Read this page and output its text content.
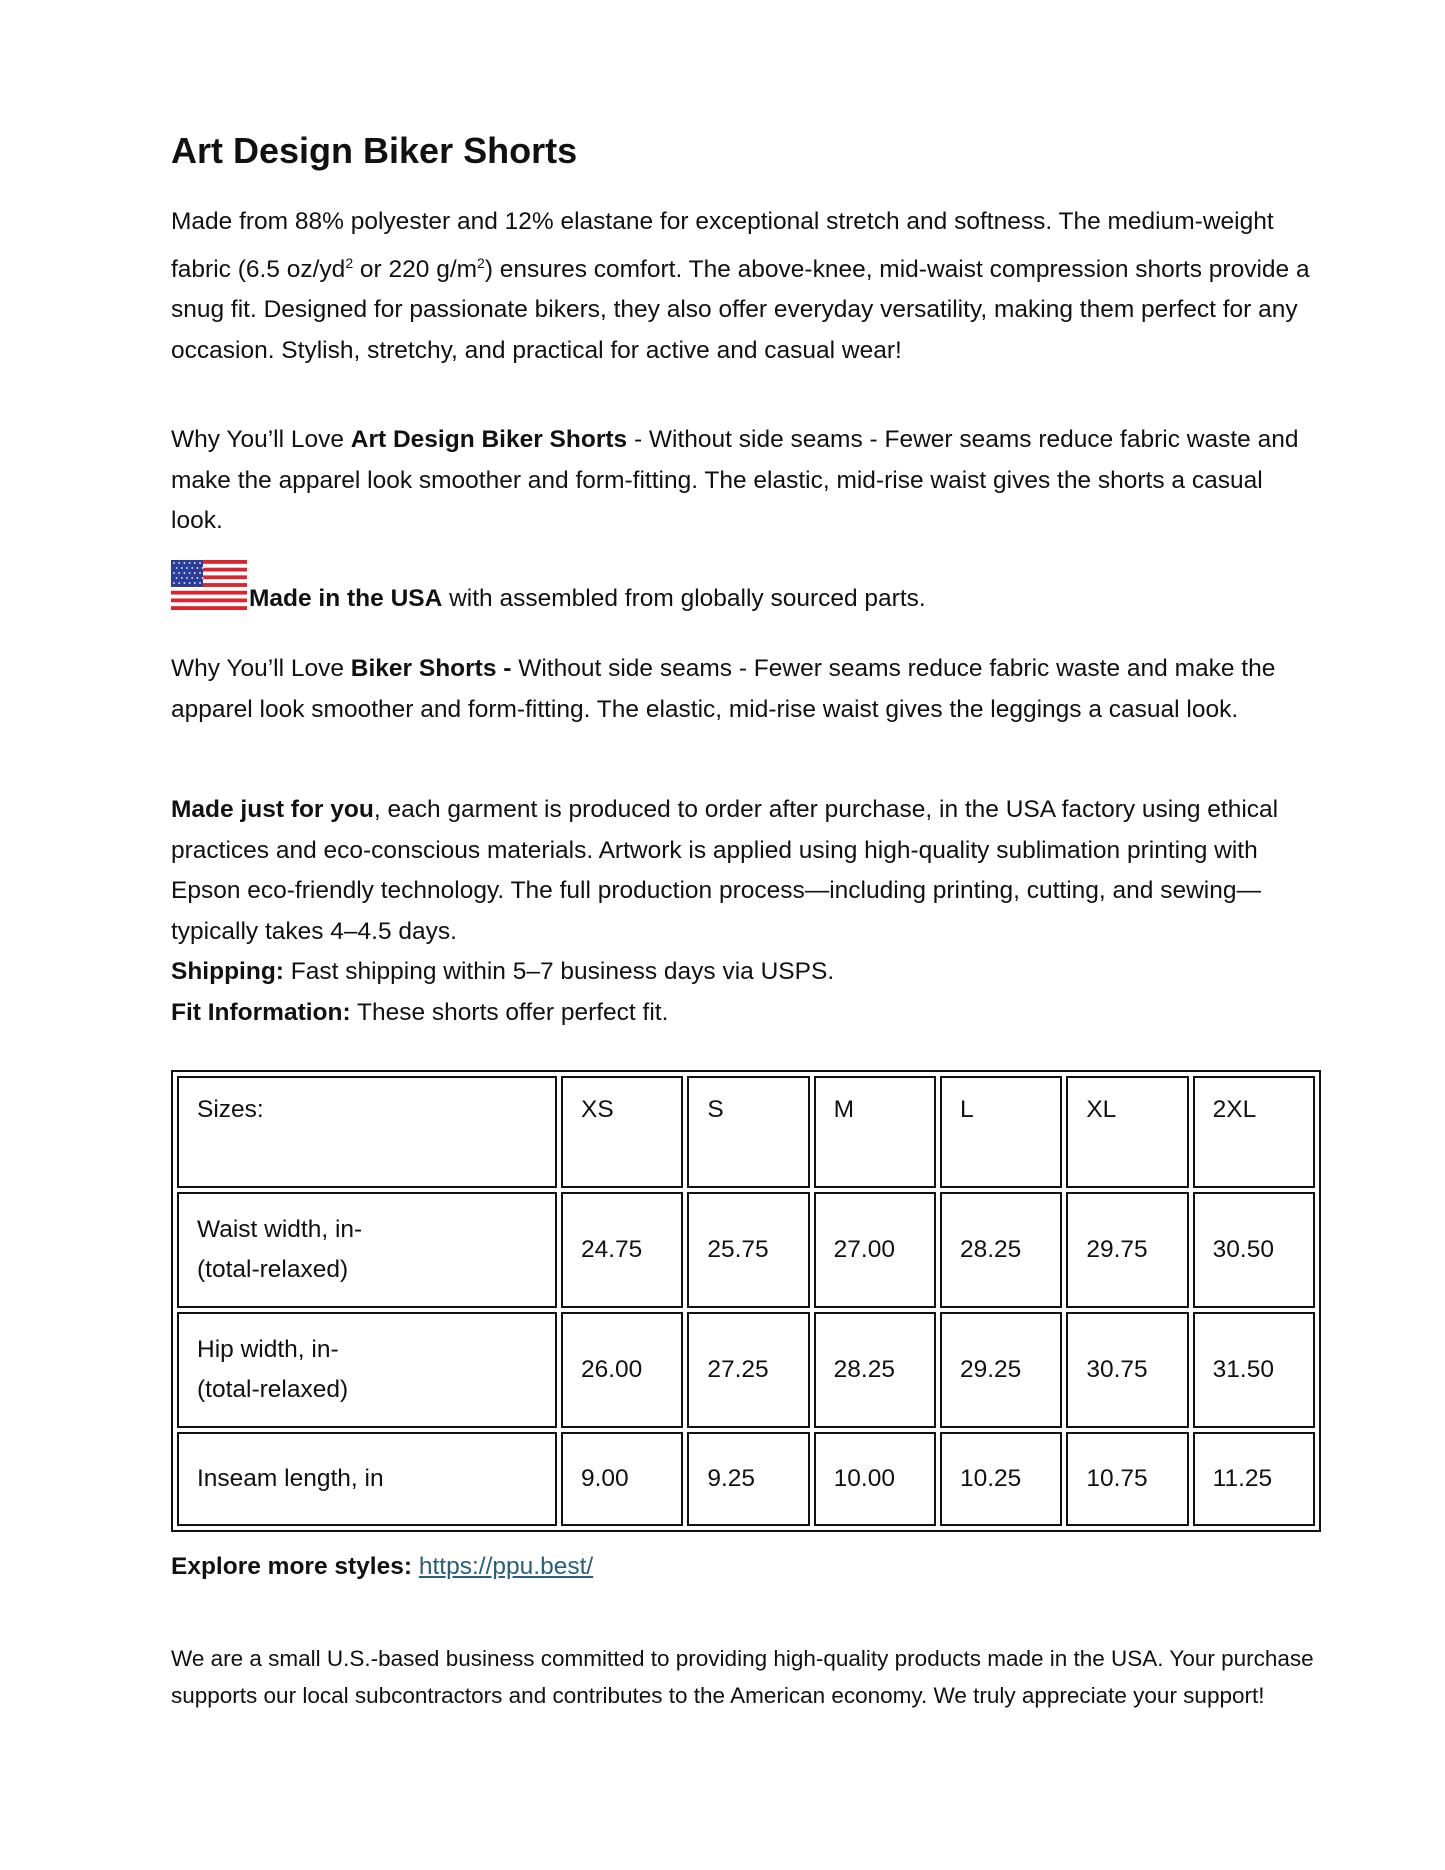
Art Design Biker Shorts

Made from 88% polyester and 12% elastane for exceptional stretch and softness. The medium-weight fabric (6.5 $oz/yd^2$ or 220 $g/m^2$) ensures comfort. The above-knee, mid-waist compression shorts provide a snug fit. Designed for passionate bikers, they also offer everyday versatility, making them perfect for any occasion. Stylish, stretchy, and practical for active and casual wear!

Why You’ll Love Art Design Biker Shorts - Without side seams - Fewer seams reduce fabric waste and make the apparel look smoother and form-fitting. The elastic, mid-rise waist gives the shorts a casual look.

Made in the USA with assembled from globally sourced parts.

Why You’ll Love Biker Shorts - Without side seams - Fewer seams reduce fabric waste and make the apparel look smoother and form-fitting. The elastic, mid-rise waist gives the leggings a casual look.

Made just for you, each garment is produced to order after purchase, in the USA factory using ethical practices and eco-conscious materials. Artwork is applied using high-quality sublimation printing with Epson eco-friendly technology. The full production process—including printing, cutting, and sewing—typically takes 4–4.5 days.
Shipping: Fast shipping within 5–7 business days via USPS.
Fit Information: These shorts offer perfect fit.

Sizes:	XS	S	M	L	XL	2XL
Waist width, in-
(total-relaxed)	24.75	25.75	27.00	28.25	29.75	30.50
Hip width, in-
(total-relaxed)	26.00	27.25	28.25	29.25	30.75	31.50
Inseam length, in	9.00	9.25	10.00	10.25	10.75	11.25
Explore more styles: https://ppu.best/

We are a small U.S.-based business committed to providing high-quality products made in the USA. Your purchase supports our local subcontractors and contributes to the American economy. We truly appreciate your support!
